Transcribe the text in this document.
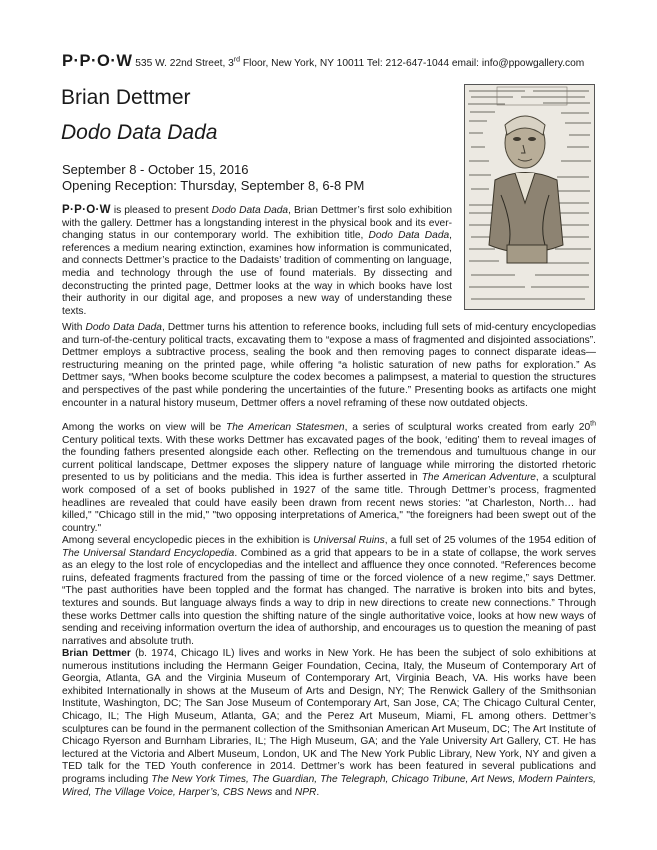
P·P·O·W 535 W. 22nd Street, 3rd Floor, New York, NY 10011 Tel: 212-647-1044 email: info@ppowgallery.com
Brian Dettmer
Dodo Data Dada
September 8 - October 15, 2016
Opening Reception: Thursday, September 8, 6-8 PM

P·P·O·W is pleased to present Dodo Data Dada, Brian Dettmer’s first solo exhibition with the gallery. Dettmer has a longstanding interest in the physical book and its ever-changing status in our contemporary world. The exhibition title, Dodo Data Dada, references a medium nearing extinction, examines how information is communicated, and connects Dettmer’s practice to the Dadaists’ tradition of commenting on language, media and technology through the use of found materials. By dissecting and deconstructing the printed page, Dettmer looks at the way in which books have lost their authority in our digital age, and proposes a new way of understanding these texts.

With Dodo Data Dada, Dettmer turns his attention to reference books, including full sets of mid-century encyclopedias and turn-of-the-century political tracts, excavating them to “expose a mass of fragmented and disjointed associations”. Dettmer employs a subtractive process, sealing the book and then removing pages to connect disparate ideas—restructuring meaning on the printed page, while offering “a holistic saturation of new paths for exploration.” As Dettmer says, “When books become sculpture the codex becomes a palimpsest, a material to question the structures and perspectives of the past while pondering the uncertainties of the future.” Presenting books as artifacts one might encounter in a natural history museum, Dettmer offers a novel reframing of these now outdated objects.

Among the works on view will be The American Statesmen, a series of sculptural works created from early 20th Century political texts. With these works Dettmer has excavated pages of the book, ‘editing’ them to reveal images of the founding fathers presented alongside each other. Reflecting on the tremendous and tumultuous change in our current political landscape, Dettmer exposes the slippery nature of language while mirroring the distorted rhetoric presented to us by politicians and the media. This idea is further asserted in The American Adventure, a sculptural work composed of a set of books published in 1927 of the same title. Through Dettmer’s process, fragmented headlines are revealed that could have easily been drawn from recent news stories: "at Charleston, North… had killed," "Chicago still in the mid," "two opposing interpretations of America," "the foreigners had been swept out of the country."

Among several encyclopedic pieces in the exhibition is Universal Ruins, a full set of 25 volumes of the 1954 edition of The Universal Standard Encyclopedia. Combined as a grid that appears to be in a state of collapse, the work serves as an elegy to the lost role of encyclopedias and the intellect and affluence they once connoted. “References become ruins, defeated fragments fractured from the passing of time or the forced violence of a new regime,” says Dettmer. “The past authorities have been toppled and the format has changed. The narrative is broken into bits and bytes, textures and sounds. But language always finds a way to drip in new directions to create new connections.” Through these works Dettmer calls into question the shifting nature of the single authoritative voice, looks at how new ways of sending and receiving information overturn the idea of authorship, and encourages us to question the meaning of past narratives and absolute truth.

Brian Dettmer (b. 1974, Chicago IL) lives and works in New York. He has been the subject of solo exhibitions at numerous institutions including the Hermann Geiger Foundation, Cecina, Italy, the Museum of Contemporary Art of Georgia, Atlanta, GA and the Virginia Museum of Contemporary Art, Virginia Beach, VA. His works have been exhibited Internationally in shows at the Museum of Arts and Design, NY; The Renwick Gallery of the Smithsonian Institute, Washington, DC; The San Jose Museum of Contemporary Art, San Jose, CA; The Chicago Cultural Center, Chicago, IL; The High Museum, Atlanta, GA; and the Perez Art Museum, Miami, FL among others. Dettmer’s sculptures can be found in the permanent collection of the Smithsonian American Art Museum, DC; The Art Institute of Chicago Ryerson and Burnham Libraries, IL; The High Museum, GA; and the Yale University Art Gallery, CT. He has lectured at the Victoria and Albert Museum, London, UK and The New York Public Library, New York, NY and given a TED talk for the TED Youth conference in 2014. Dettmer’s work has been featured in several publications and programs including The New York Times, The Guardian, The Telegraph, Chicago Tribune, Art News, Modern Painters, Wired, The Village Voice, Harper’s, CBS News and NPR.
